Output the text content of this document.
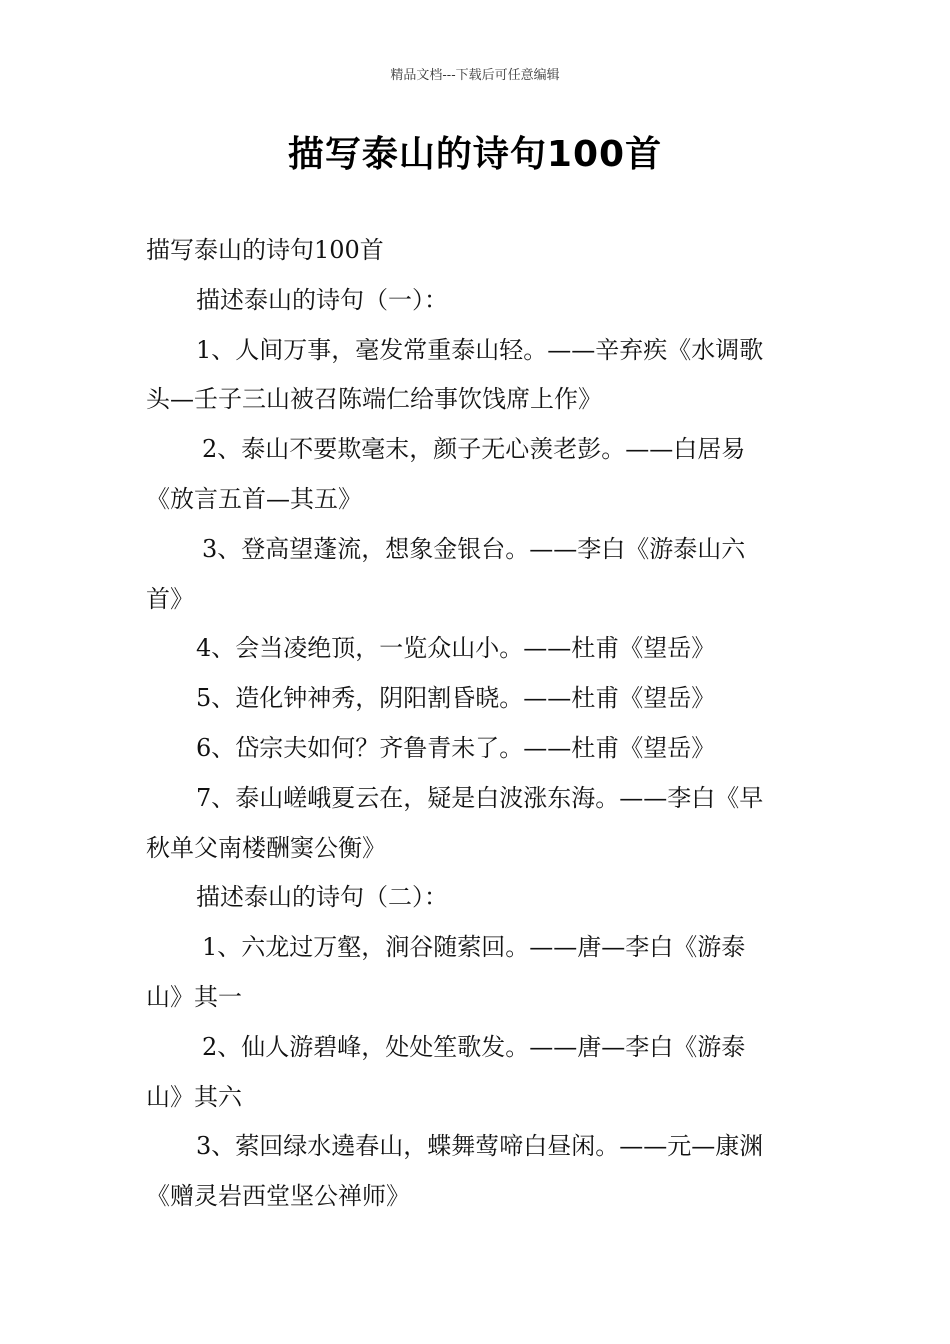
精品文档---下载后可任意编辑
描写泰山的诗句100首
描写泰山的诗句100首
描述泰山的诗句（一）：
1、人间万事，毫发常重泰山轻。——辛弃疾《水调歌
头—壬子三山被召陈端仁给事饮饯席上作》
2、泰山不要欺毫末，颜子无心羡老彭。——白居易
《放言五首—其五》
3、登高望蓬流，想象金银台。——李白《游泰山六
首》
4、会当凌绝顶，一览众山小。——杜甫《望岳》
5、造化钟神秀，阴阳割昏晓。——杜甫《望岳》
6、岱宗夫如何？齐鲁青未了。——杜甫《望岳》
7、泰山嵯峨夏云在，疑是白波涨东海。——李白《早
秋单父南楼酬窦公衡》
描述泰山的诗句（二）：
1、六龙过万壑，涧谷随萦回。——唐—李白《游泰
山》其一
2、仙人游碧峰，处处笙歌发。——唐—李白《游泰
山》其六
3、萦回绿水遶春山，蝶舞莺啼白昼闲。——元—康渊
《赠灵岩西堂坚公禅师》
